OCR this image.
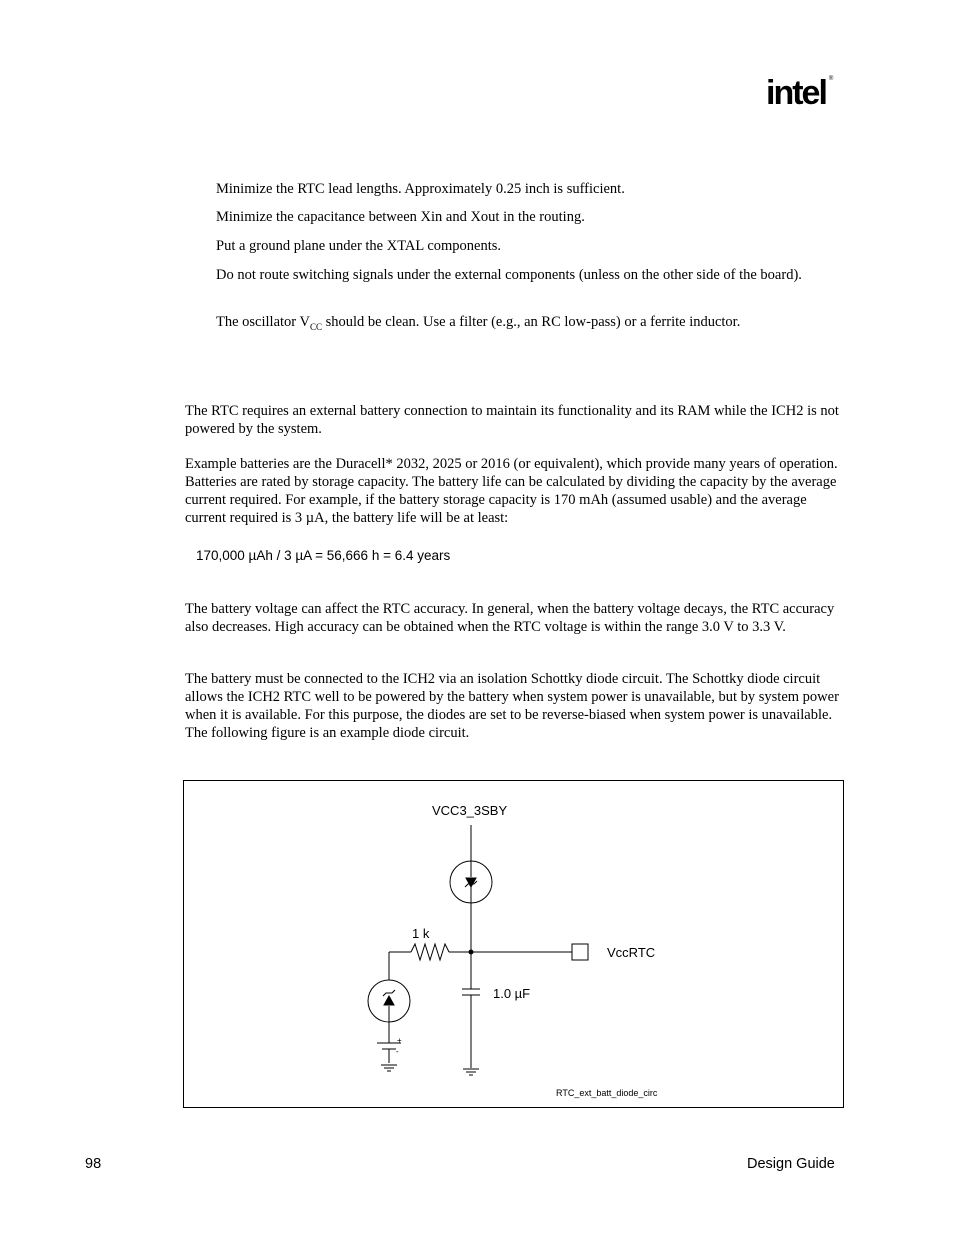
intel ®
Minimize the RTC lead lengths. Approximately 0.25 inch is sufficient.
Minimize the capacitance between Xin and Xout in the routing.
Put a ground plane under the XTAL components.
Do not route switching signals under the external components (unless on the other side of the board).
The oscillator $V_{CC}$ should be clean. Use a filter (e.g., an RC low-pass) or a ferrite inductor.
The RTC requires an external battery connection to maintain its functionality and its RAM while the ICH2 is not powered by the system.
Example batteries are the Duracell* 2032, 2025 or 2016 (or equivalent), which provide many years of operation. Batteries are rated by storage capacity. The battery life can be calculated by dividing the capacity by the average current required. For example, if the battery storage capacity is 170 mAh (assumed usable) and the average current required is 3 µA, the battery life will be at least:
170,000 µAh / 3 µA = 56,666 h = 6.4 years
The battery voltage can affect the RTC accuracy. In general, when the battery voltage decays, the RTC accuracy also decreases. High accuracy can be obtained when the RTC voltage is within the range 3.0 V to 3.3 V.
The battery must be connected to the ICH2 via an isolation Schottky diode circuit. The Schottky diode circuit allows the ICH2 RTC well to be powered by the battery when system power is unavailable, but by system power when it is available. For this purpose, the diodes are set to be reverse-biased when system power is unavailable. The following figure is an example diode circuit.
VCC3_3SBY
1 k
VccRTC
1.0 µF
+
-
RTC_ext_batt_diode_circ
98	Design Guide
